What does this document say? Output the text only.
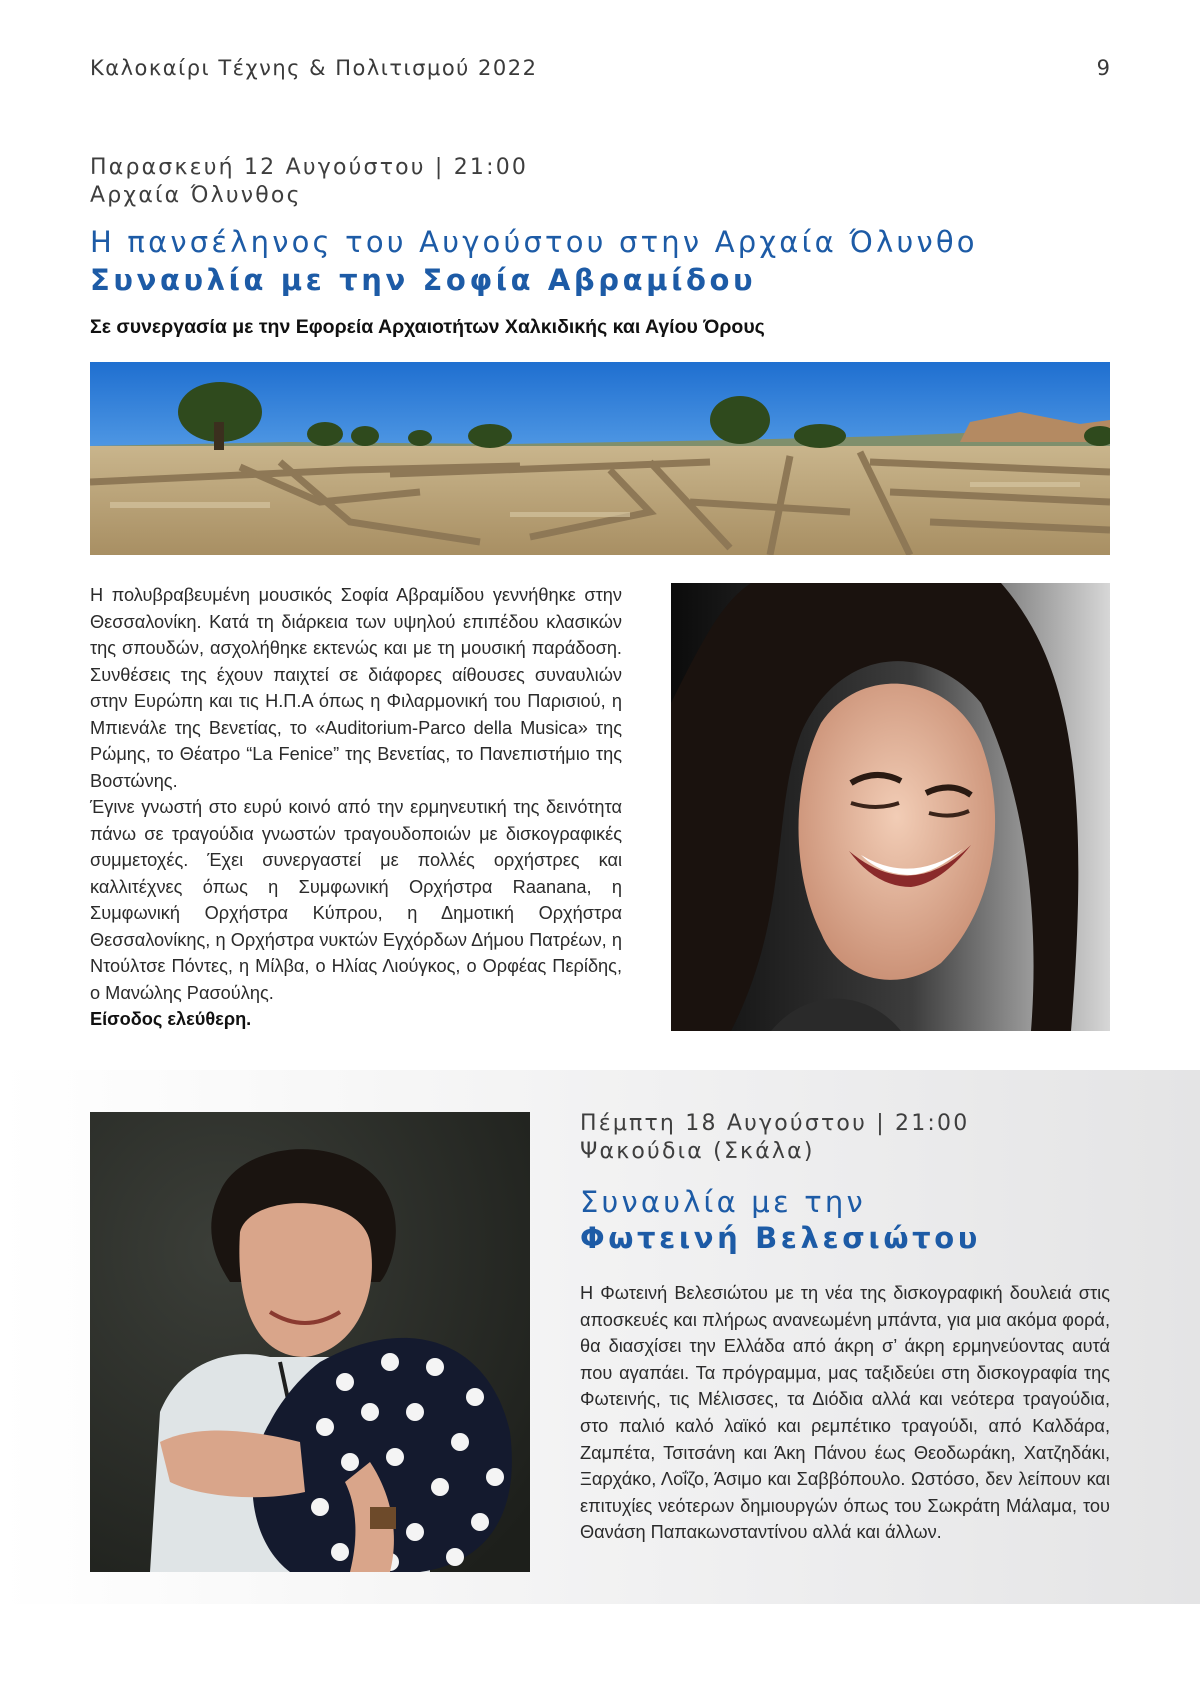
Καλοκαίρι Τέχνης & Πολιτισμού 2022	9
Παρασκευή 12 Αυγούστου | 21:00
Αρχαία Όλυνθος
Η πανσέληνος του Αυγούστου στην Αρχαία Όλυνθο
Συναυλία με την Σοφία Αβραμίδου
Σε συνεργασία με την Εφορεία Αρχαιοτήτων Χαλκιδικής και Αγίου Όρους

Η πολυβραβευμένη μουσικός Σοφία Αβραμίδου γεννήθηκε στην Θεσσαλονίκη. Κατά τη διάρκεια των υψηλού επιπέδου κλασικών της σπουδών, ασχολήθηκε εκτενώς και με τη μουσική παράδοση. Συνθέσεις της έχουν παιχτεί σε διάφορες αίθουσες συναυλιών στην Ευρώπη και τις Η.Π.Α όπως η Φιλαρμονική του Παρισιού, η Μπιενάλε της Βενετίας, το «Auditorium-Parco della Musica» της Ρώμης, το Θέατρο “La Fenice” της Βενετίας, το Πανεπιστήμιο της Βοστώνης.

Έγινε γνωστή στο ευρύ κοινό από την ερμηνευτική της δεινότητα πάνω σε τραγούδια γνωστών τραγουδοποιών με δισκογραφικές συμμετοχές. Έχει συνεργαστεί με πολλές ορχήστρες και καλλιτέχνες όπως η Συμφωνική Ορχήστρα Raanana, η Συμφωνική Ορχήστρα Κύπρου, η Δημοτική Ορχήστρα Θεσσαλονίκης, η Ορχήστρα νυκτών Εγχόρδων Δήμου Πατρέων, η Ντούλτσε Πόντες, η Μίλβα, ο Ηλίας Λιούγκος, ο Ορφέας Περίδης, ο Μανώλης Ρασούλης.

Είσοδος ελεύθερη.

Πέμπτη 18 Αυγούστου | 21:00
Ψακούδια (Σκάλα)
Συναυλία με την
Φωτεινή Βελεσιώτου
Η Φωτεινή Βελεσιώτου με τη νέα της δισκογραφική δουλειά στις αποσκευές και πλήρως ανανεωμένη μπάντα, για μια ακόμα φορά, θα διασχίσει την Ελλάδα από άκρη σ’ άκρη ερμηνεύοντας αυτά που αγαπάει. Τα πρόγραμμα, μας ταξιδεύει στη δισκογραφία της Φωτεινής, τις Μέλισσες, τα Διόδια αλλά και νεότερα τραγούδια, στο παλιό καλό λαϊκό και ρεμπέτικο τραγούδι, από Καλδάρα, Ζαμπέτα, Τσιτσάνη και Άκη Πάνου έως Θεοδωράκη, Χατζηδάκι, Ξαρχάκο, Λοΐζο, Άσιμο και Σαββόπουλο. Ωστόσο, δεν λείπουν και επιτυχίες νεότερων δημιουργών όπως του Σωκράτη Μάλαμα, του Θανάση Παπακωνσταντίνου αλλά και άλλων.
